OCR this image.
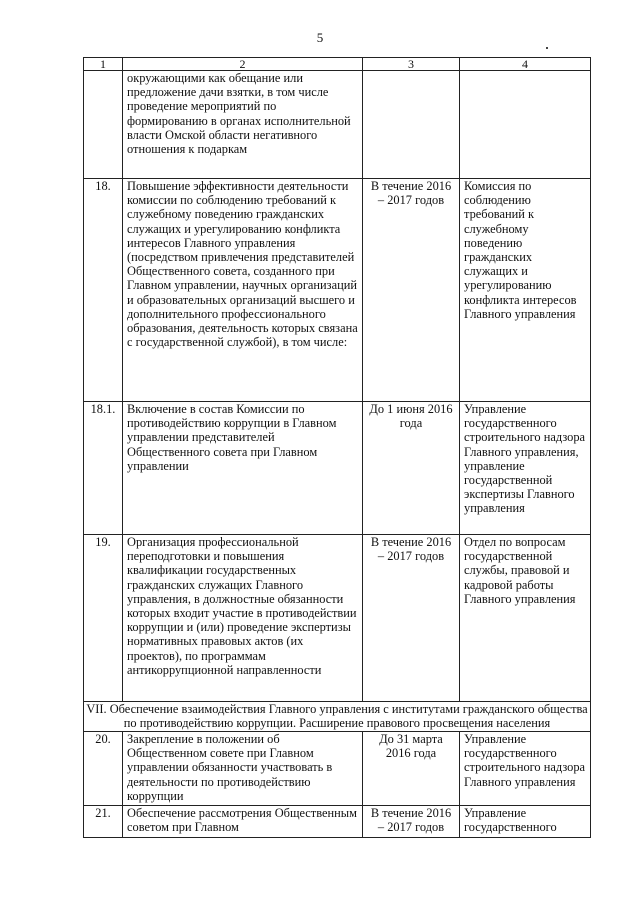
5
1	2	3	4
	окружающими как обещание или предложение дачи взятки, в том числе проведение мероприятий по формированию в органах исполнительной власти Омской области негативного отношения к подаркам		
18.	Повышение эффективности деятельности комиссии по соблюдению требований к служебному поведению гражданских служащих и урегулированию конфликта интересов Главного управления (посредством привлечения представителей Общественного совета, созданного при Главном управлении, научных организаций и образовательных организаций высшего и дополнительного профессионального образования, деятельность которых связана с государственной службой), в том числе:	В течение 2016 – 2017 годов	Комиссия по соблюдению требований к служебному поведению гражданских служащих и урегулированию конфликта интересов Главного управления
18.1.	Включение в состав Комиссии по противодействию коррупции в Главном управлении представителей Общественного совета при Главном управлении	До 1 июня 2016 года	Управление государственного строительного надзора Главного управления, управление государственной экспертизы Главного управления
19.	Организация профессиональной переподготовки и повышения квалификации государственных гражданских служащих Главного управления, в должностные обязанности которых входит участие в противодействии коррупции и (или) проведение экспертизы нормативных правовых актов (их проектов), по программам антикоррупционной направленности	В течение 2016 – 2017 годов	Отдел по вопросам государственной службы, правовой и кадровой работы Главного управления
VII. Обеспечение взаимодействия Главного управления с институтами гражданского общества по противодействию коррупции. Расширение правового просвещения населения			
20.	Закрепление в положении об Общественном совете при Главном управлении обязанности участвовать в деятельности по противодействию коррупции	До 31 марта 2016 года	Управление государственного строительного надзора Главного управления
21.	Обеспечение рассмотрения Общественным советом при Главном	В течение 2016 – 2017 годов	Управление государственного
